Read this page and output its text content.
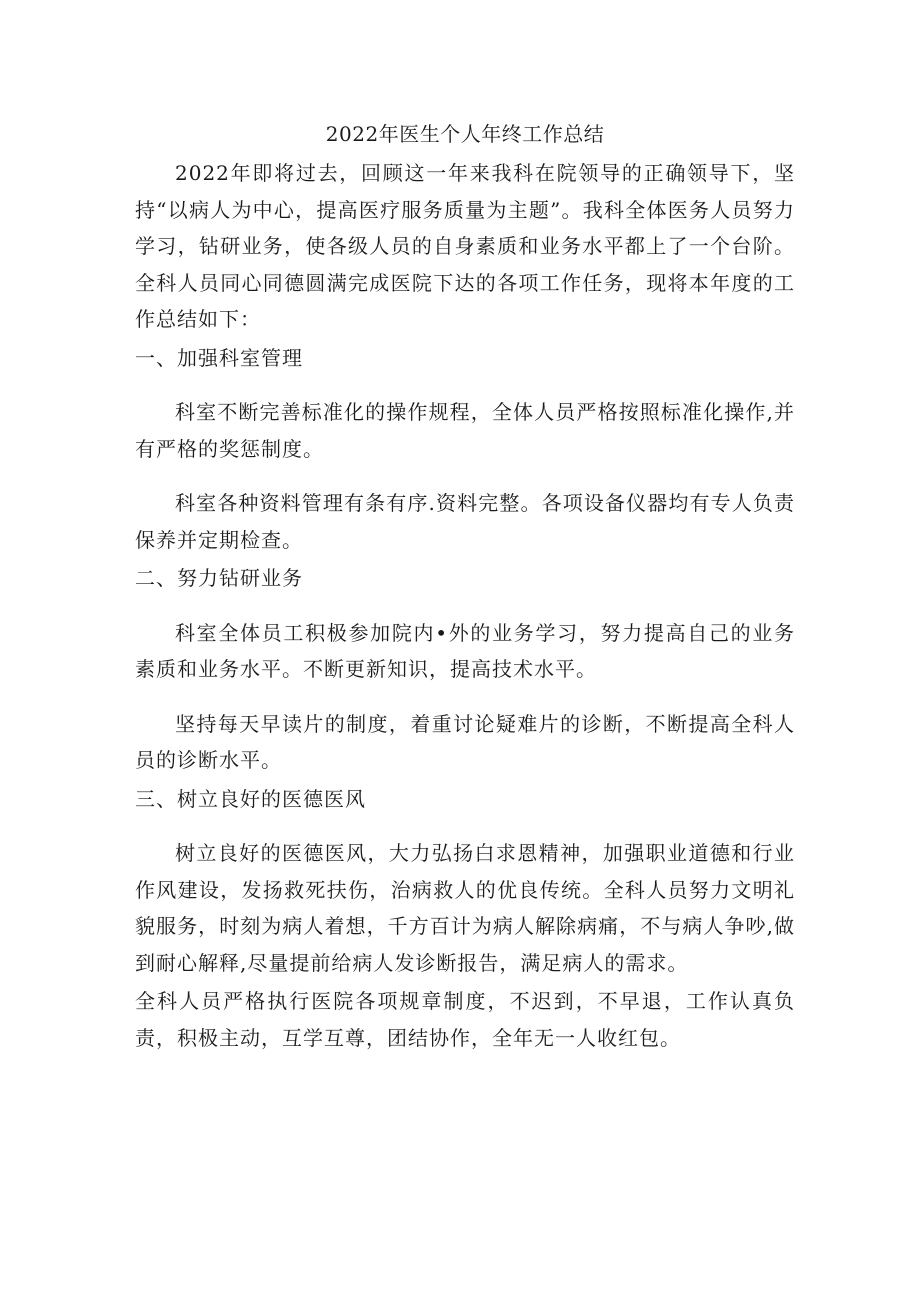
2022年医生个人年终工作总结

2022年即将过去，回顾这一年来我科在院领导的正确领导下，坚持“以病人为中心，提高医疗服务质量为主题”。我科全体医务人员努力学习，钻研业务，使各级人员的自身素质和业务水平都上了一个台阶。全科人员同心同德圆满完成医院下达的各项工作任务，现将本年度的工作总结如下：

一、加强科室管理

科室不断完善标准化的操作规程，全体人员严格按照标准化操作,并有严格的奖惩制度。

科室各种资料管理有条有序.资料完整。各项设备仪器均有专人负责保养并定期检查。

二、努力钻研业务

科室全体员工积极参加院内•外的业务学习，努力提高自己的业务素质和业务水平。不断更新知识，提高技术水平。

坚持每天早读片的制度，着重讨论疑难片的诊断，不断提高全科人员的诊断水平。

三、树立良好的医德医风

树立良好的医德医风，大力弘扬白求恩精神，加强职业道德和行业作风建设，发扬救死扶伤，治病救人的优良传统。全科人员努力文明礼貌服务，时刻为病人着想，千方百计为病人解除病痛，不与病人争吵,做到耐心解释,尽量提前给病人发诊断报告，满足病人的需求。

全科人员严格执行医院各项规章制度，不迟到，不早退，工作认真负责，积极主动，互学互尊，团结协作，全年无一人收红包。
